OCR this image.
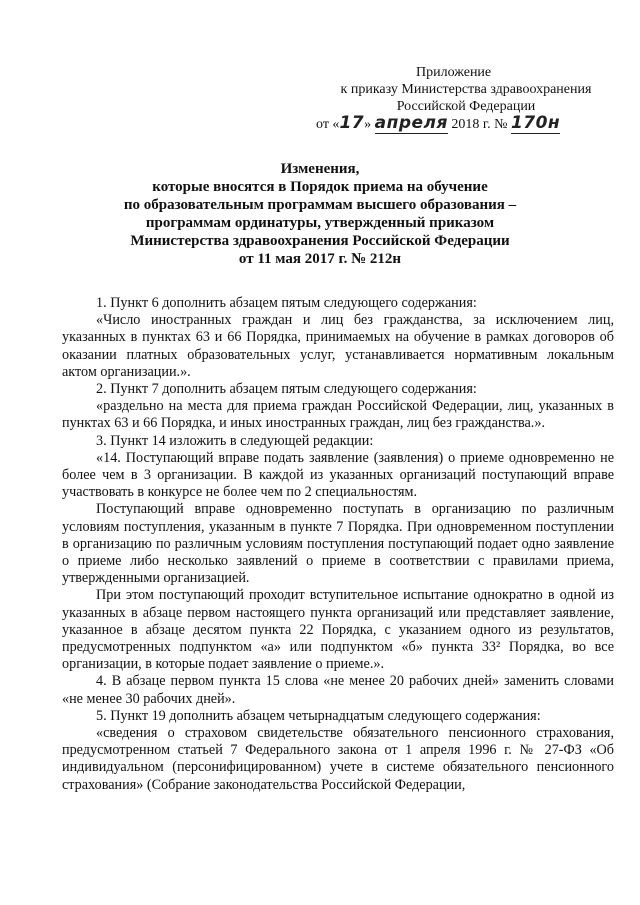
Приложение
к приказу Министерства здравоохранения
Российской Федерации
от «17» апреля 2018 г. № 170н
Изменения,
которые вносятся в Порядок приема на обучение
по образовательным программам высшего образования –
программам ординатуры, утвержденный приказом
Министерства здравоохранения Российской Федерации
от 11 мая 2017 г. № 212н

1. Пункт 6 дополнить абзацем пятым следующего содержания:

«Число иностранных граждан и лиц без гражданства, за исключением лиц, указанных в пунктах 63 и 66 Порядка, принимаемых на обучение в рамках договоров об оказании платных образовательных услуг, устанавливается нормативным локальным актом организации.».

2. Пункт 7 дополнить абзацем пятым следующего содержания:

«раздельно на места для приема граждан Российской Федерации, лиц, указанных в пунктах 63 и 66 Порядка, и иных иностранных граждан, лиц без гражданства.».

3. Пункт 14 изложить в следующей редакции:

«14. Поступающий вправе подать заявление (заявления) о приеме одновременно не более чем в 3 организации. В каждой из указанных организаций поступающий вправе участвовать в конкурсе не более чем по 2 специальностям.

Поступающий вправе одновременно поступать в организацию по различным условиям поступления, указанным в пункте 7 Порядка. При одновременном поступлении в организацию по различным условиям поступления поступающий подает одно заявление о приеме либо несколько заявлений о приеме в соответствии с правилами приема, утвержденными организацией.

При этом поступающий проходит вступительное испытание однократно в одной из указанных в абзаце первом настоящего пункта организаций или представляет заявление, указанное в абзаце десятом пункта 22 Порядка, с указанием одного из результатов, предусмотренных подпунктом «а» или подпунктом «б» пункта 33² Порядка, во все организации, в которые подает заявление о приеме.».

4. В абзаце первом пункта 15 слова «не менее 20 рабочих дней» заменить словами «не менее 30 рабочих дней».

5. Пункт 19 дополнить абзацем четырнадцатым следующего содержания:

«сведения о страховом свидетельстве обязательного пенсионного страхования, предусмотренном статьей 7 Федерального закона от 1 апреля 1996 г. № 27-ФЗ «Об индивидуальном (персонифицированном) учете в системе обязательного пенсионного страхования» (Собрание законодательства Российской Федерации,
